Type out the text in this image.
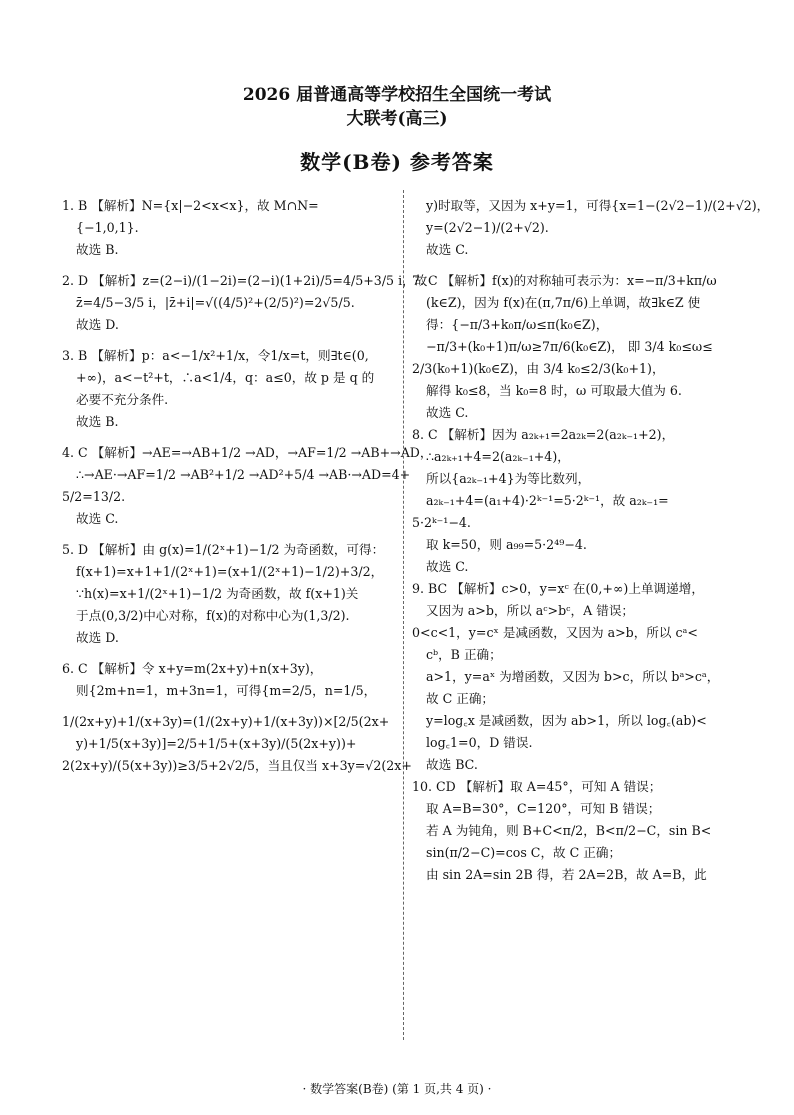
2026 届普通高等学校招生全国统一考试
大联考(高三)
数学(B卷) 参考答案
1. B 【解析】N={x|−2<x<x}，故 M∩N=
{−1,0,1}.
故选 B.
2. D 【解析】z=(2−i)/(1−2i)=(2−i)(1+2i)/5=4/5+3/5 i，故
z̄=4/5−3/5 i，|z̄+i|=√((4/5)²+(2/5)²)=2√5/5.
故选 D.
3. B 【解析】p：a<−1/x²+1/x，令1/x=t，则∃t∈(0,
+∞)，a<−t²+t，∴a<1/4，q：a≤0，故 p 是 q 的
必要不充分条件.
故选 B.
4. C 【解析】→AE=→AB+1/2 →AD，→AF=1/2 →AB+→AD，
∴→AE·→AF=1/2 →AB²+1/2 →AD²+5/4 →AB·→AD=4+
5/2=13/2.
故选 C.
5. D 【解析】由 g(x)=1/(2ˣ+1)−1/2 为奇函数，可得：
f(x+1)=x+1+1/(2ˣ+1)=(x+1/(2ˣ+1)−1/2)+3/2，
∵h(x)=x+1/(2ˣ+1)−1/2 为奇函数，故 f(x+1)关
于点(0,3/2)中心对称，f(x)的对称中心为(1,3/2).
故选 D.
6. C 【解析】令 x+y=m(2x+y)+n(x+3y)，
则{2m+n=1，m+3n=1，可得{m=2/5，n=1/5，
1/(2x+y)+1/(x+3y)=(1/(2x+y)+1/(x+3y))×[2/5(2x+
y)+1/5(x+3y)]=2/5+1/5+(x+3y)/(5(2x+y))+
2(2x+y)/(5(x+3y))≥3/5+2√2/5，当且仅当 x+3y=√2(2x+
y)时取等，又因为 x+y=1，可得{x=1−(2√2−1)/(2+√2)，
y=(2√2−1)/(2+√2).
故选 C.
7. C 【解析】f(x)的对称轴可表示为：x=−π/3+kπ/ω
(k∈Z)，因为 f(x)在(π,7π/6)上单调，故∃k∈Z 使
得：{−π/3+k₀π/ω≤π(k₀∈Z)，
−π/3+(k₀+1)π/ω≥7π/6(k₀∈Z)， 即 3/4 k₀≤ω≤
2/3(k₀+1)(k₀∈Z)，由 3/4 k₀≤2/3(k₀+1)，
解得 k₀≤8，当 k₀=8 时，ω 可取最大值为 6.
故选 C.
8. C 【解析】因为 a₂ₖ₊₁=2a₂ₖ=2(a₂ₖ₋₁+2)，
∴a₂ₖ₊₁+4=2(a₂ₖ₋₁+4)，
所以{a₂ₖ₋₁+4}为等比数列，
a₂ₖ₋₁+4=(a₁+4)·2ᵏ⁻¹=5·2ᵏ⁻¹，故 a₂ₖ₋₁=
5·2ᵏ⁻¹−4.
取 k=50，则 a₉₉=5·2⁴⁹−4.
故选 C.
9. BC 【解析】c>0，y=xᶜ 在(0,+∞)上单调递增，
又因为 a>b，所以 aᶜ>bᶜ，A 错误；
0<c<1，y=cˣ 是减函数，又因为 a>b，所以 cᵃ<
cᵇ，B 正确；
a>1，y=aˣ 为增函数，又因为 b>c，所以 bᵃ>cᵃ，
故 C 正确；
y=log꜀x 是减函数，因为 ab>1，所以 log꜀(ab)<
log꜀1=0，D 错误.
故选 BC.
10. CD 【解析】取 A=45°，可知 A 错误；
取 A=B=30°，C=120°，可知 B 错误；
若 A 为钝角，则 B+C<π/2，B<π/2−C，sin B<
sin(π/2−C)=cos C，故 C 正确；
由 sin 2A=sin 2B 得，若 2A=2B，故 A=B，此
· 数学答案(B卷) (第 1 页,共 4 页) ·
